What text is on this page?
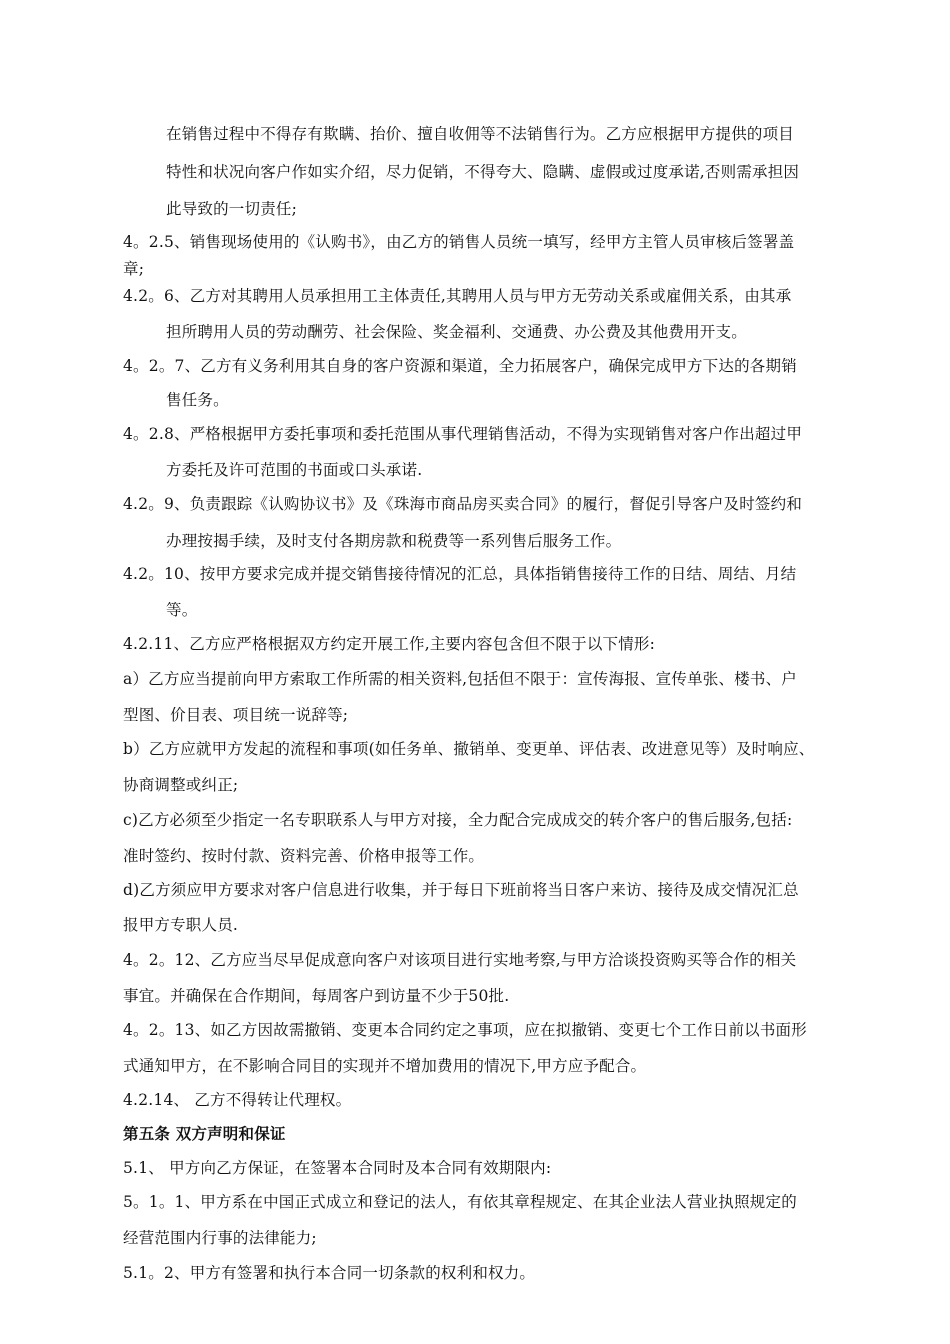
在销售过程中不得存有欺瞒、抬价、擅自收佣等不法销售行为。乙方应根据甲方提供的项目
特性和状况向客户作如实介绍，尽力促销，不得夸大、隐瞒、虚假或过度承诺,否则需承担因
此导致的一切责任;
4。2.5、销售现场使用的《认购书》，由乙方的销售人员统一填写，经甲方主管人员审核后签署盖
章;
4.2。6、乙方对其聘用人员承担用工主体责任,其聘用人员与甲方无劳动关系或雇佣关系，由其承
担所聘用人员的劳动酬劳、社会保险、奖金福利、交通费、办公费及其他费用开支。
4。2。7、乙方有义务利用其自身的客户资源和渠道，全力拓展客户，确保完成甲方下达的各期销
售任务。
4。2.8、严格根据甲方委托事项和委托范围从事代理销售活动，不得为实现销售对客户作出超过甲
方委托及许可范围的书面或口头承诺.
4.2。9、负责跟踪《认购协议书》及《珠海市商品房买卖合同》的履行，督促引导客户及时签约和
办理按揭手续，及时支付各期房款和税费等一系列售后服务工作。
4.2。10、按甲方要求完成并提交销售接待情况的汇总，具体指销售接待工作的日结、周结、月结
等。
4.2.11、乙方应严格根据双方约定开展工作,主要内容包含但不限于以下情形:
a）乙方应当提前向甲方索取工作所需的相关资料,包括但不限于：宣传海报、宣传单张、楼书、户
型图、价目表、项目统一说辞等;
b）乙方应就甲方发起的流程和事项(如任务单、撤销单、变更单、评估表、改进意见等）及时响应、
协商调整或纠正;
c)乙方必须至少指定一名专职联系人与甲方对接，全力配合完成成交的转介客户的售后服务,包括:
准时签约、按时付款、资料完善、价格申报等工作。
d)乙方须应甲方要求对客户信息进行收集，并于每日下班前将当日客户来访、接待及成交情况汇总
报甲方专职人员.
4。2。12、乙方应当尽早促成意向客户对该项目进行实地考察,与甲方洽谈投资购买等合作的相关
事宜。并确保在合作期间，每周客户到访量不少于50批.
4。2。13、如乙方因故需撤销、变更本合同约定之事项，应在拟撤销、变更七个工作日前以书面形
式通知甲方，在不影响合同目的实现并不增加费用的情况下,甲方应予配合。
4.2.14、 乙方不得转让代理权。
第五条 双方声明和保证
5.1、 甲方向乙方保证，在签署本合同时及本合同有效期限内:
5。1。1、甲方系在中国正式成立和登记的法人，有依其章程规定、在其企业法人营业执照规定的
经营范围内行事的法律能力;
5.1。2、甲方有签署和执行本合同一切条款的权利和权力。
